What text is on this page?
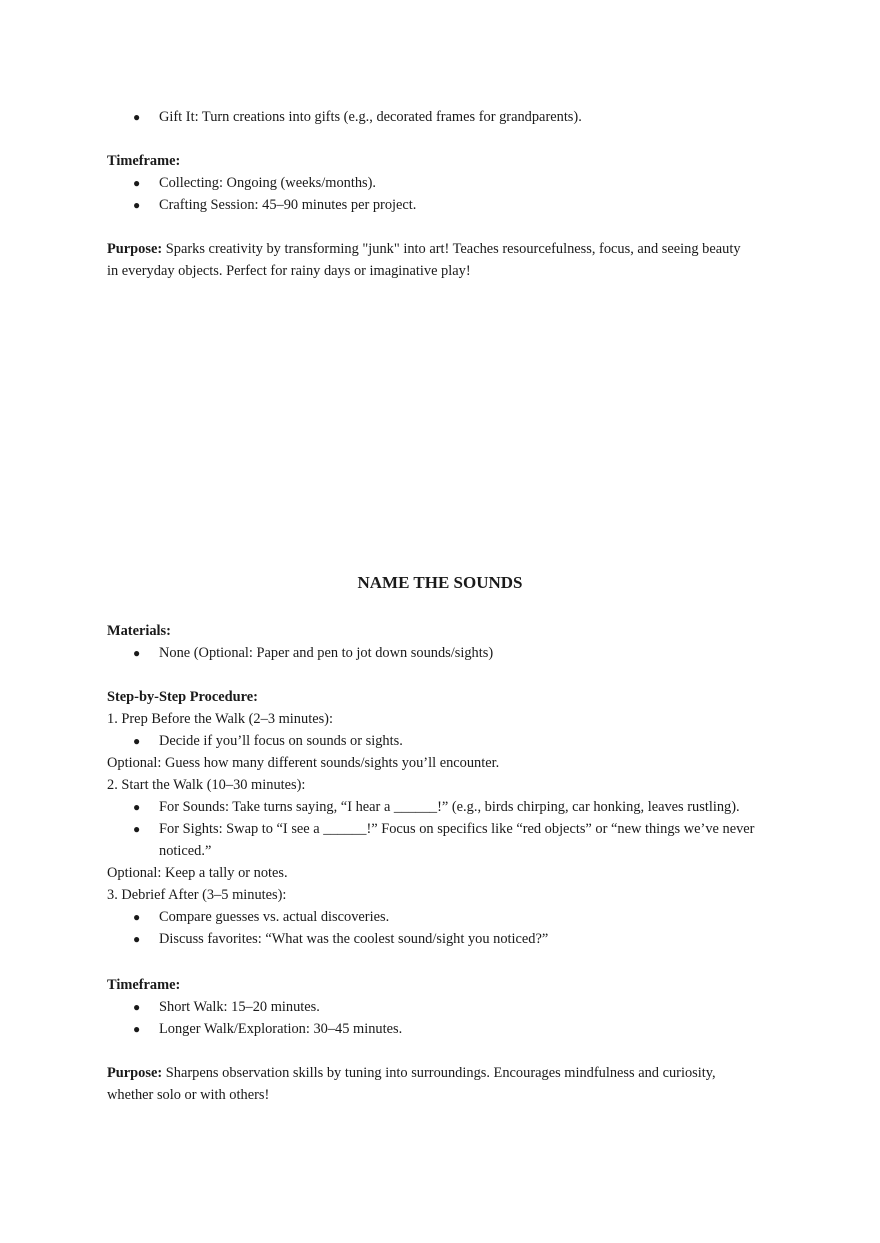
● Gift It: Turn creations into gifts (e.g., decorated frames for grandparents).

Timeframe:

● Collecting: Ongoing (weeks/months).

● Crafting Session: 45–90 minutes per project.

Purpose: Sparks creativity by transforming "junk" into art! Teaches resourcefulness, focus, and seeing beauty in everyday objects. Perfect for rainy days or imaginative play!

NAME THE SOUNDS

Materials:

● None (Optional: Paper and pen to jot down sounds/sights)

Step-by-Step Procedure:

1. Prep Before the Walk (2–3 minutes):

● Decide if you’ll focus on sounds or sights.

Optional: Guess how many different sounds/sights you’ll encounter.

2. Start the Walk (10–30 minutes):

● For Sounds: Take turns saying, “I hear a ______!” (e.g., birds chirping, car honking, leaves rustling).

● For Sights: Swap to “I see a ______!” Focus on specifics like “red objects” or “new things we’ve never noticed.”

Optional: Keep a tally or notes.

3. Debrief After (3–5 minutes):

● Compare guesses vs. actual discoveries.

● Discuss favorites: “What was the coolest sound/sight you noticed?”

Timeframe:

● Short Walk: 15–20 minutes.

● Longer Walk/Exploration: 30–45 minutes.

Purpose: Sharpens observation skills by tuning into surroundings. Encourages mindfulness and curiosity, whether solo or with others!
